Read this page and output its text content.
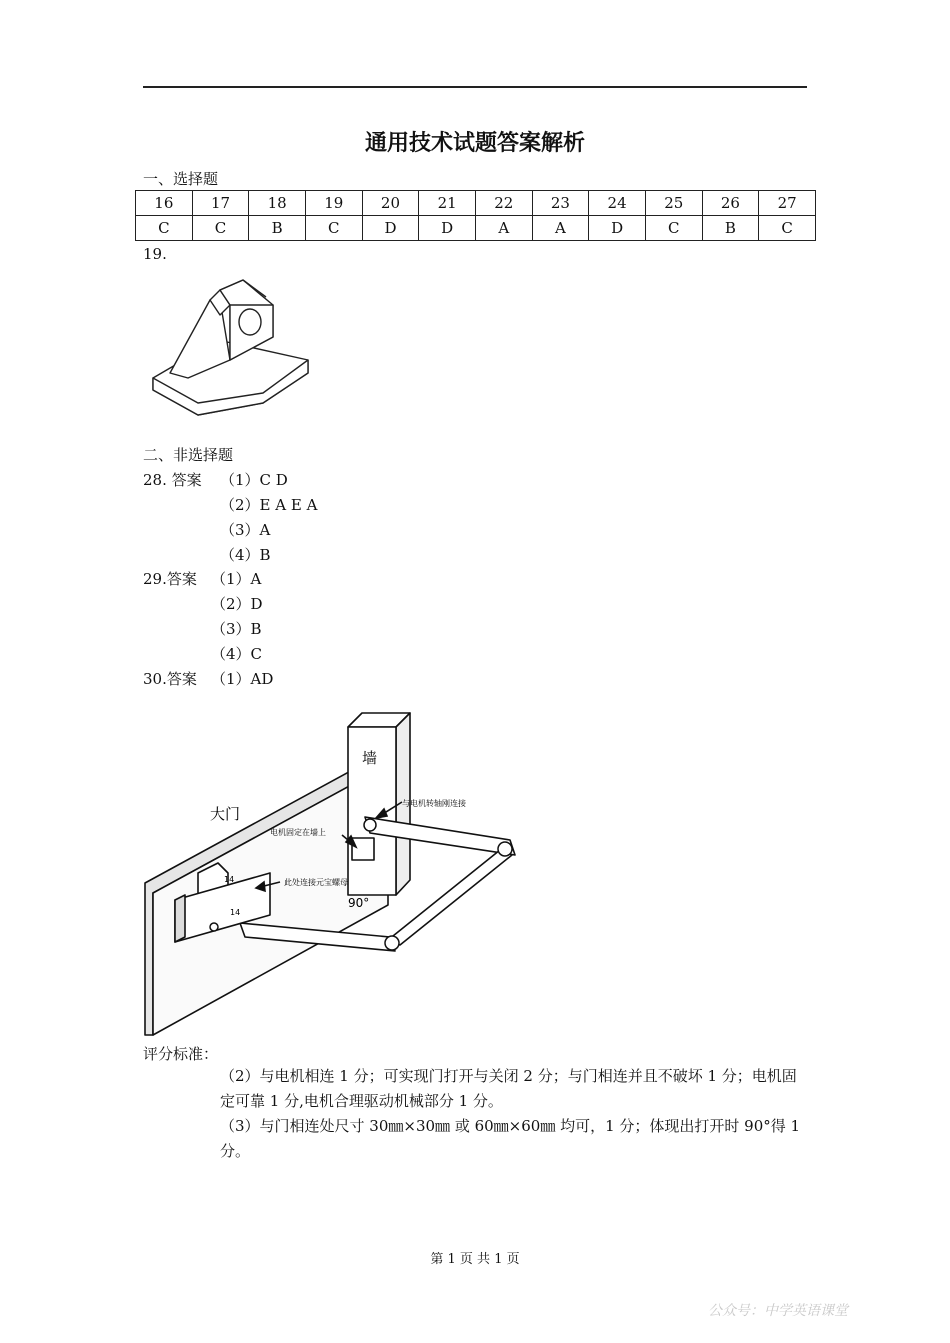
通用技术试题答案解析
一、选择题
16	17	18	19	20	21	22	23	24	25	26	27
C	C	B	C	D	D	A	A	D	C	B	C
19.
二、非选择题
28. 答案 （1）C D
（2）E A E A
（3）A
（4）B
29.答案 （1）A
（2）D
（3）B
（4）C
30.答案 （1）AD
墙
大门
与电机转轴刚连接
电机固定在墙上
此处连接元宝螺母
90°
14
14
评分标准：
（2）与电机相连 1 分；可实现门打开与关闭 2 分；与门相连并且不破坏 1 分；电机固定可靠 1 分,电机合理驱动机械部分 1 分。
（3）与门相连处尺寸 30㎜×30㎜ 或 60㎜×60㎜ 均可，1 分；体现出打开时 90°得 1 分。
第 1 页 共 1 页
公众号：中学英语课堂
